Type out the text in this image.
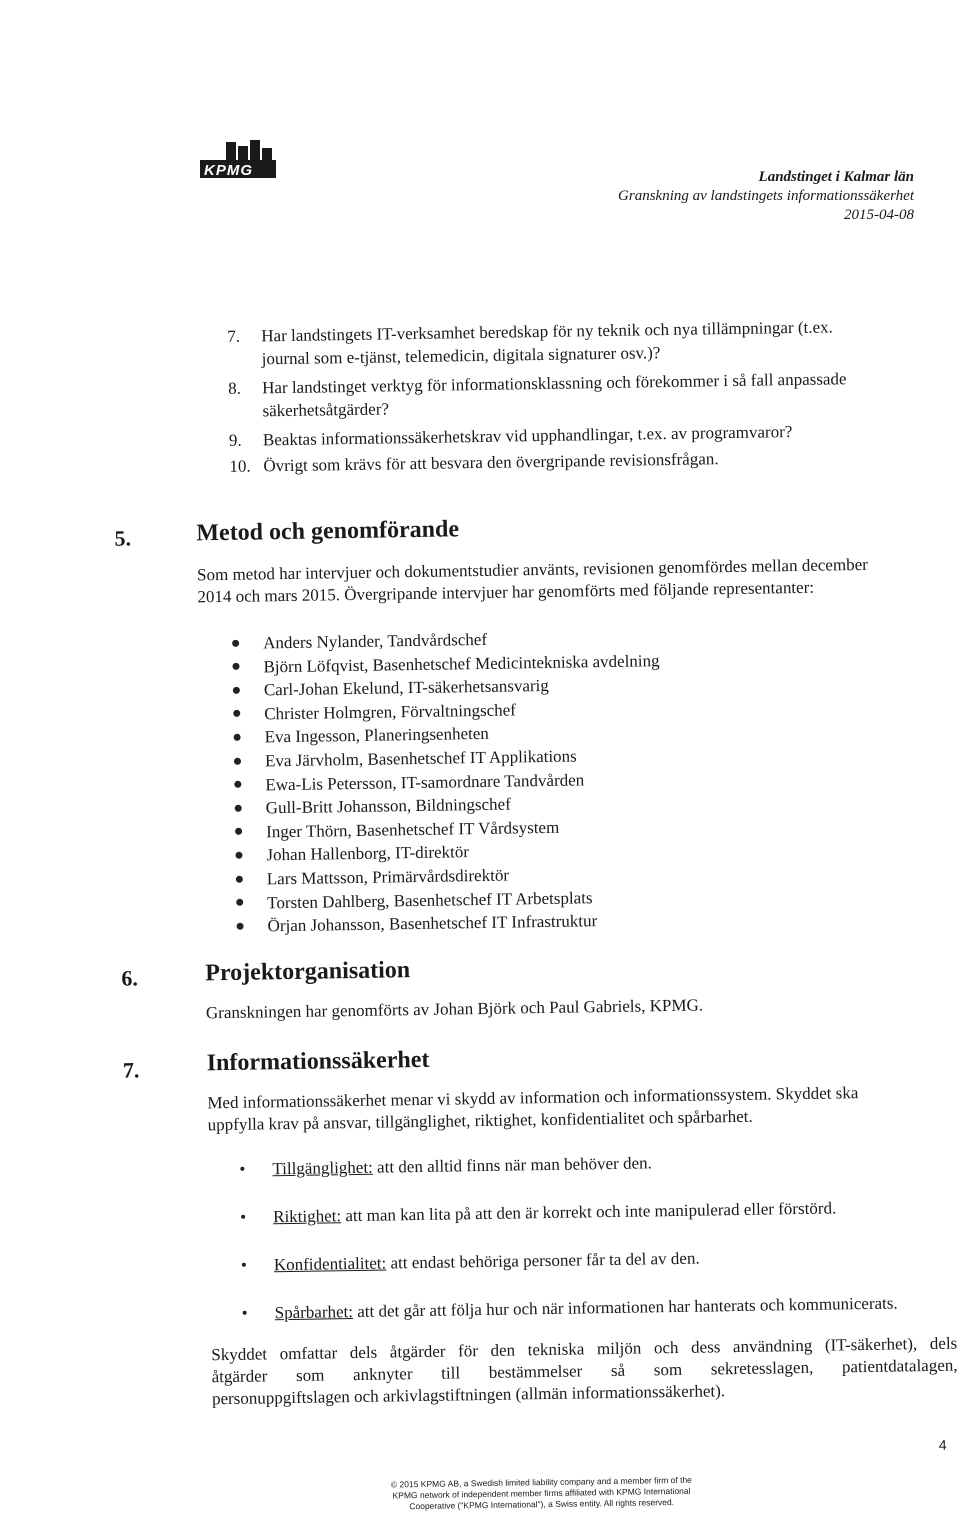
KPMG	Landstinget i Kalmar län
Granskning av landstingets informationssäkerhet
2015-04-08
7. Har landstingets IT-verksamhet beredskap för ny teknik och nya tillämpningar (t.ex.
journal som e-tjänst, telemedicin, digitala signaturer osv.)?
8. Har landstinget verktyg för informationsklassning och förekommer i så fall anpassade
säkerhetsåtgärder?
9. Beaktas informationssäkerhetskrav vid upphandlingar, t.ex. av programvaror?
10. Övrigt som krävs för att besvara den övergripande revisionsfrågan.
5.	Metod och genomförande
Som metod har intervjuer och dokumentstudier använts, revisionen genomfördes mellan december
2014 och mars 2015. Övergripande intervjuer har genomförts med följande representanter:
Anders Nylander, Tandvårdschef
Björn Löfqvist, Basenhetschef Medicintekniska avdelning
Carl-Johan Ekelund, IT-säkerhetsansvarig
Christer Holmgren, Förvaltningschef
Eva Ingesson, Planeringsenheten
Eva Järvholm, Basenhetschef IT Applikations
Ewa-Lis Petersson, IT-samordnare Tandvården
Gull-Britt Johansson, Bildningschef
Inger Thörn, Basenhetschef IT Vårdsystem
Johan Hallenborg, IT-direktör
Lars Mattsson, Primärvårdsdirektör
Torsten Dahlberg, Basenhetschef IT Arbetsplats
Örjan Johansson, Basenhetschef IT Infrastruktur
6.	Projektorganisation
Granskningen har genomförts av Johan Björk och Paul Gabriels, KPMG.
7.	Informationssäkerhet
Med informationssäkerhet menar vi skydd av information och informationssystem. Skyddet ska
uppfylla krav på ansvar, tillgänglighet, riktighet, konfidentialitet och spårbarhet.
Tillgänglighet: att den alltid finns när man behöver den.
Riktighet: att man kan lita på att den är korrekt och inte manipulerad eller förstörd.
Konfidentialitet: att endast behöriga personer får ta del av den.
Spårbarhet: att det går att följa hur och när informationen har hanterats och kommunicerats.
Skyddet omfattar dels åtgärder för den tekniska miljön och dess användning (IT-säkerhet), dels
åtgärder som anknyter till bestämmelser så som sekretesslagen, patientdatalagen,
personuppgiftslagen och arkivlagstiftningen (allmän informationssäkerhet).
4
© 2015 KPMG AB, a Swedish limited liability company and a member firm of the
KPMG network of independent member firms affiliated with KPMG International
Cooperative ("KPMG International"), a Swiss entity. All rights reserved.
